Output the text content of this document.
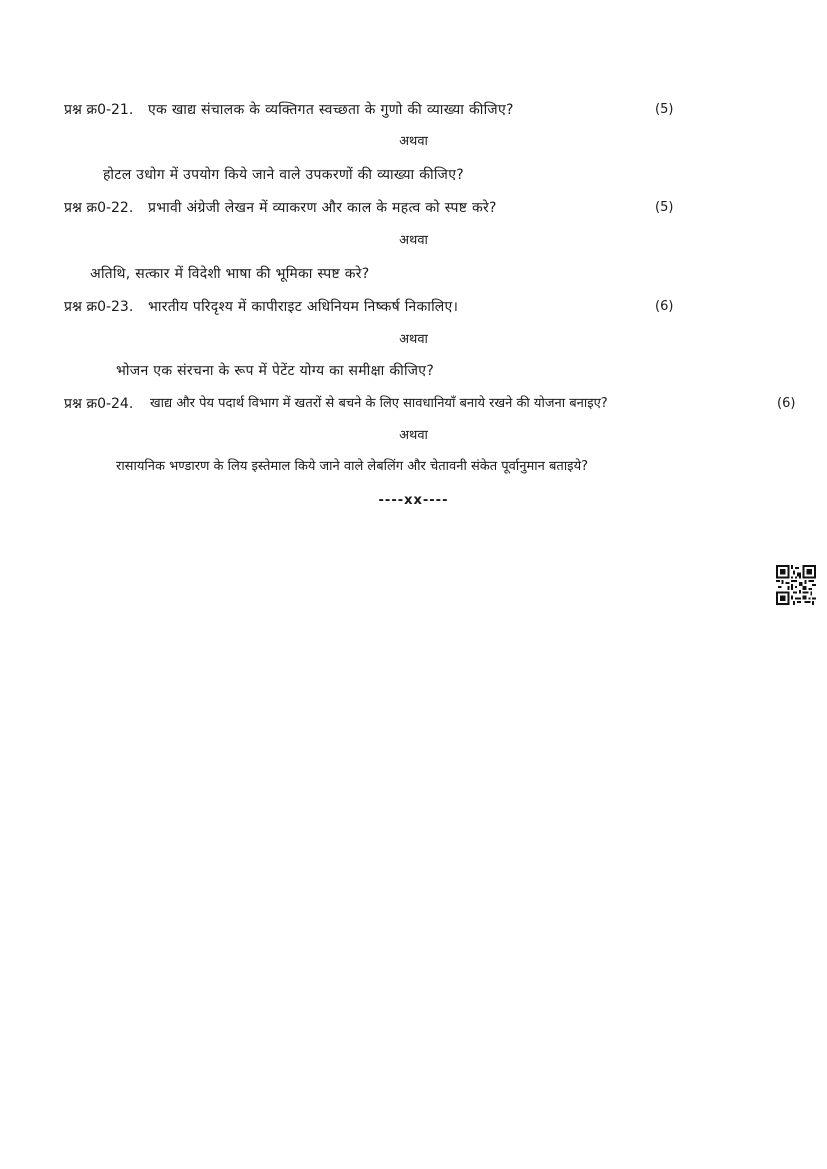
प्रश्न क्र0-21. एक खाद्य संचालक के व्यक्तिगत स्वच्छता के गुणो की व्याख्या कीजिए?	(5)
अथवा
होटल उधोग में उपयोग किये जाने वाले उपकरणों की व्याख्या कीजिए?
प्रश्न क्र0-22. प्रभावी अंग्रेजी लेखन में व्याकरण और काल के महत्व को स्पष्ट करे?	(5)
अथवा
अतिथि, सत्कार में विदेशी भाषा की भूमिका स्पष्ट करे?
प्रश्न क्र0-23. भारतीय परिदृश्य में कापीराइट अधिनियम निष्कर्ष निकालिए।	(6)
अथवा
भोजन एक संरचना के रूप में पेटेंट योग्य का समीक्षा कीजिए?
प्रश्न क्र0-24. खाद्य और पेय पदार्थ विभाग में खतरों से बचने के लिए सावधानियाँ बनाये रखने की योजना बनाइए?	(6)
अथवा
रासायनिक भण्डारण के लिय इस्तेमाल किये जाने वाले लेबलिंग और चेतावनी संकेत पूर्वानुमान बताइये?
----xx----
